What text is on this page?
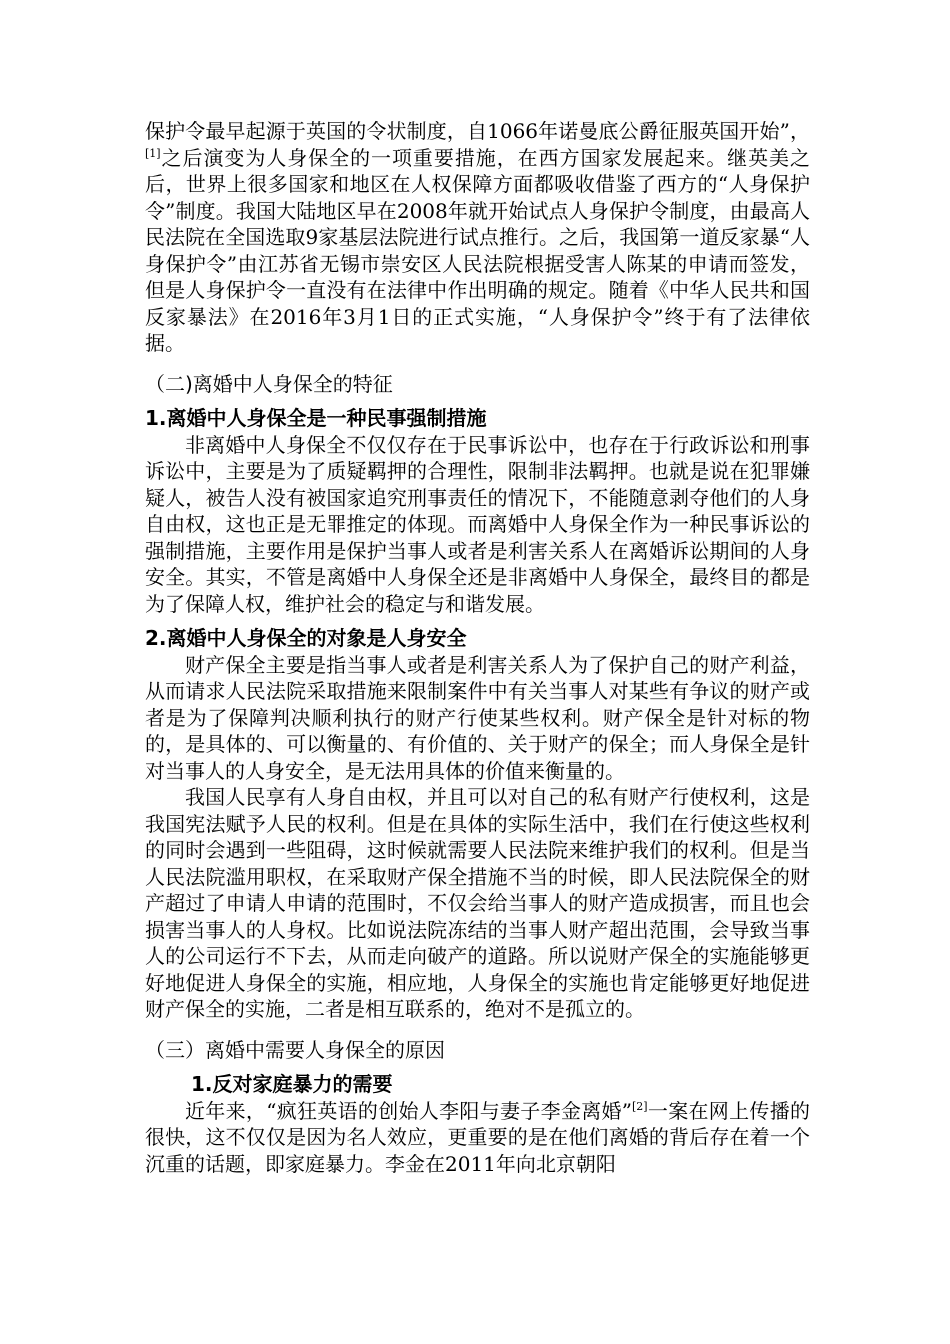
保护令最早起源于英国的令状制度，自1066年诺曼底公爵征服英国开始”，[1]之后演变为人身保全的一项重要措施，在西方国家发展起来。继英美之后，世界上很多国家和地区在人权保障方面都吸收借鉴了西方的“人身保护令”制度。我国大陆地区早在2008年就开始试点人身保护令制度，由最高人民法院在全国选取9家基层法院进行试点推行。之后，我国第一道反家暴“人身保护令”由江苏省无锡市崇安区人民法院根据受害人陈某的申请而签发，但是人身保护令一直没有在法律中作出明确的规定。随着《中华人民共和国反家暴法》在2016年3月1日的正式实施，“人身保护令”终于有了法律依据。

（二)离婚中人身保全的特征

1.离婚中人身保全是一种民事强制措施

非离婚中人身保全不仅仅存在于民事诉讼中，也存在于行政诉讼和刑事诉讼中，主要是为了质疑羁押的合理性，限制非法羁押。也就是说在犯罪嫌疑人，被告人没有被国家追究刑事责任的情况下，不能随意剥夺他们的人身自由权，这也正是无罪推定的体现。而离婚中人身保全作为一种民事诉讼的强制措施，主要作用是保护当事人或者是利害关系人在离婚诉讼期间的人身安全。其实，不管是离婚中人身保全还是非离婚中人身保全，最终目的都是为了保障人权，维护社会的稳定与和谐发展。

2.离婚中人身保全的对象是人身安全

财产保全主要是指当事人或者是利害关系人为了保护自己的财产利益，从而请求人民法院采取措施来限制案件中有关当事人对某些有争议的财产或者是为了保障判决顺利执行的财产行使某些权利。财产保全是针对标的物的，是具体的、可以衡量的、有价值的、关于财产的保全；而人身保全是针对当事人的人身安全，是无法用具体的价值来衡量的。

我国人民享有人身自由权，并且可以对自己的私有财产行使权利，这是我国宪法赋予人民的权利。但是在具体的实际生活中，我们在行使这些权利的同时会遇到一些阻碍，这时候就需要人民法院来维护我们的权利。但是当人民法院滥用职权，在采取财产保全措施不当的时候，即人民法院保全的财产超过了申请人申请的范围时，不仅会给当事人的财产造成损害，而且也会损害当事人的人身权。比如说法院冻结的当事人财产超出范围，会导致当事人的公司运行不下去，从而走向破产的道路。所以说财产保全的实施能够更好地促进人身保全的实施，相应地，人身保全的实施也肯定能够更好地促进财产保全的实施，二者是相互联系的，绝对不是孤立的。

（三）离婚中需要人身保全的原因

1.反对家庭暴力的需要

近年来，“疯狂英语的创始人李阳与妻子李金离婚”[2]一案在网上传播的很快，这不仅仅是因为名人效应，更重要的是在他们离婚的背后存在着一个沉重的话题，即家庭暴力。李金在2011年向北京朝阳
